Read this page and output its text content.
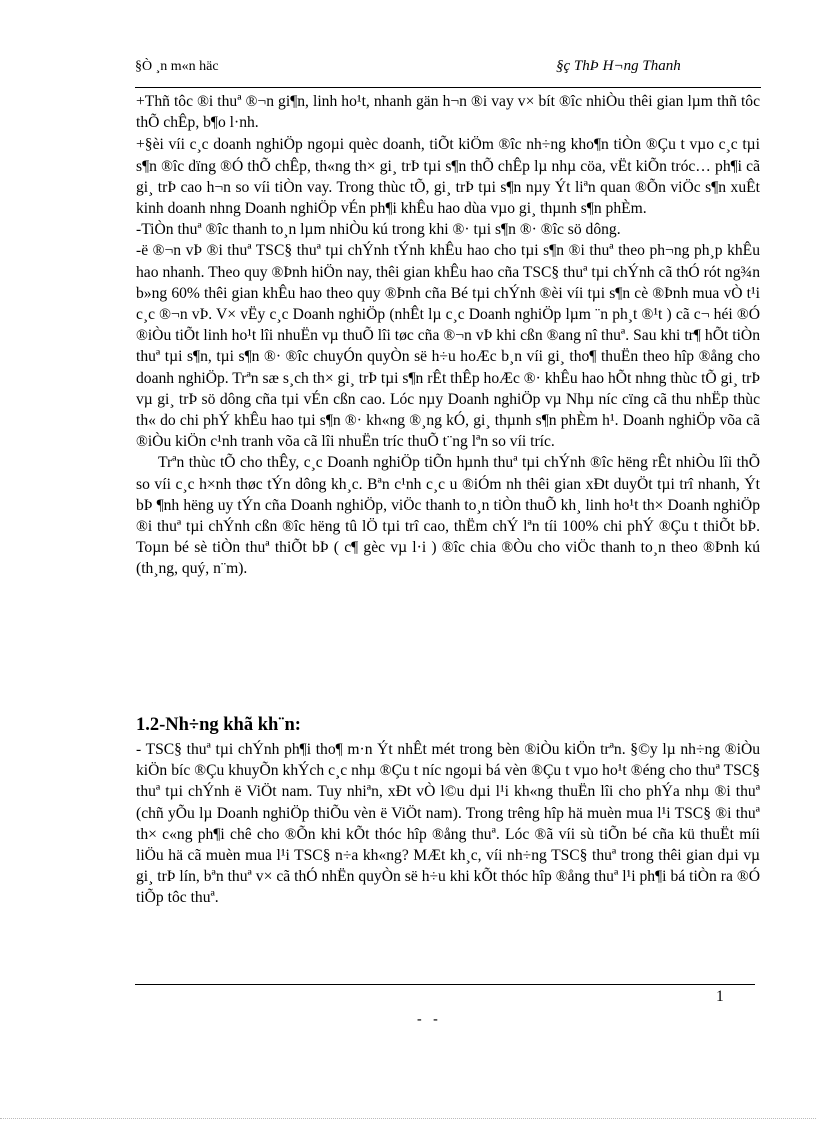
§Ò ¸n m«n häc	§ç ThÞ H¬ng Thanh

+Thñ tôc ®i thuª ®¬n gi¶n, linh ho¹t, nhanh gän h¬n ®i vay v× bít ®îc nhiÒu thêi gian lµm thñ tôc thÕ chÊp, b¶o l·nh.

+§èi víi c¸c doanh nghiÖp ngoµi quèc doanh, tiÕt kiÖm ®îc nh÷ng kho¶n tiÒn ®Çu t vµo c¸c tµi s¶n ®îc dïng ®Ó thÕ chÊp, th«ng th× gi¸ trÞ tµi s¶n thÕ chÊp lµ nhµ cöa, vËt kiÕn tróc… ph¶i cã gi¸ trÞ cao h¬n so víi tiÒn vay. Trong thùc tÕ, gi¸ trÞ tµi s¶n nµy Ýt liªn quan ®Õn viÖc s¶n xuÊt kinh doanh nhng Doanh nghiÖp vÉn ph¶i khÊu hao dùa vµo gi¸ thµnh s¶n phÈm.

-TiÒn thuª ®îc thanh to¸n lµm nhiÒu kú trong khi ®· tµi s¶n ®· ®îc sö dông.

-ë ®¬n vÞ ®i thuª TSC§ thuª tµi chÝnh tÝnh khÊu hao cho tµi s¶n ®i thuª theo ph¬ng ph¸p khÊu hao nhanh. Theo quy ®Þnh hiÖn nay, thêi gian khÊu hao cña TSC§ thuª tµi chÝnh cã thÓ rót ng¾n b»ng 60% thêi gian khÊu hao theo quy ®Þnh cña Bé tµi chÝnh ®èi víi tµi s¶n cè ®Þnh mua vÒ t¹i c¸c ®¬n vÞ. V× vËy c¸c Doanh nghiÖp (nhÊt lµ c¸c Doanh nghiÖp lµm ¨n ph¸t ®¹t ) cã c¬ héi ®Ó ®iÒu tiÕt linh ho¹t lîi nhuËn vµ thuÕ lîi tøc cña ®¬n vÞ khi cßn ®ang nî thuª. Sau khi tr¶ hÕt tiÒn thuª tµi s¶n, tµi s¶n ®· ®îc chuyÓn quyÒn së h÷u hoÆc b¸n víi gi¸ tho¶ thuËn theo hîp ®ång cho doanh nghiÖp. Trªn sæ s¸ch th× gi¸ trÞ tµi s¶n rÊt thÊp hoÆc ®· khÊu hao hÕt nhng thùc tÕ gi¸ trÞ vµ gi¸ trÞ sö dông cña tµi vÉn cßn cao. Lóc nµy Doanh nghiÖp vµ Nhµ níc cïng cã thu nhËp thùc th« do chi phÝ khÊu hao tµi s¶n ®· kh«ng ®¸ng kÓ, gi¸ thµnh s¶n phÈm h¹. Doanh nghiÖp võa cã ®iÒu kiÖn c¹nh tranh võa cã lîi nhuËn tríc thuÕ t¨ng lªn so víi tríc.

Trªn thùc tÕ cho thÊy, c¸c Doanh nghiÖp tiÕn hµnh thuª tµi chÝnh ®îc hëng rÊt nhiÒu lîi thÕ so víi c¸c h×nh thøc tÝn dông kh¸c. Bªn c¹nh c¸c u ®iÓm nh thêi gian xÐt duyÖt tµi trî nhanh, Ýt bÞ ¶nh hëng uy tÝn cña Doanh nghiÖp, viÖc thanh to¸n tiÒn thuÕ kh¸ linh ho¹t th× Doanh nghiÖp ®i thuª tµi chÝnh cßn ®îc hëng tû lÖ tµi trî cao, thËm chÝ lªn tíi 100% chi phÝ ®Çu t thiÕt bÞ. Toµn bé sè tiÒn thuª thiÕt bÞ ( c¶ gèc vµ l·i ) ®îc chia ®Òu cho viÖc thanh to¸n theo ®Þnh kú (th¸ng, quý, n¨m).

1.2-Nh÷ng khã kh¨n:

- TSC§ thuª tµi chÝnh ph¶i tho¶ m·n Ýt nhÊt mét trong bèn ®iÒu kiÖn trªn. §©y lµ nh÷ng ®iÒu kiÖn bíc ®Çu khuyÕn khÝch c¸c nhµ ®Çu t níc ngoµi bá vèn ®Çu t vµo ho¹t ®éng cho thuª TSC§ thuª tµi chÝnh ë ViÖt nam. Tuy nhiªn, xÐt vÒ l©u dµi l¹i kh«ng thuËn lîi cho phÝa nhµ ®i thuª (chñ yÕu lµ Doanh nghiÖp thiÕu vèn ë ViÖt nam). Trong trêng hîp hä muèn mua l¹i TSC§ ®i thuª th× c«ng ph¶i chê cho ®Õn khi kÕt thóc hîp ®ång thuª. Lóc ®ã víi sù tiÕn bé cña kü thuËt míi liÖu hä cã muèn mua l¹i TSC§ n÷a kh«ng? MÆt kh¸c, víi nh÷ng TSC§ thuª trong thêi gian dµi vµ gi¸ trÞ lín, bªn thuª v× cã thÓ nhËn quyÒn së h÷u khi kÕt thóc hîp ®ång thuª l¹i ph¶i bá tiÒn ra ®Ó tiÕp tôc thuª.

1
- -
